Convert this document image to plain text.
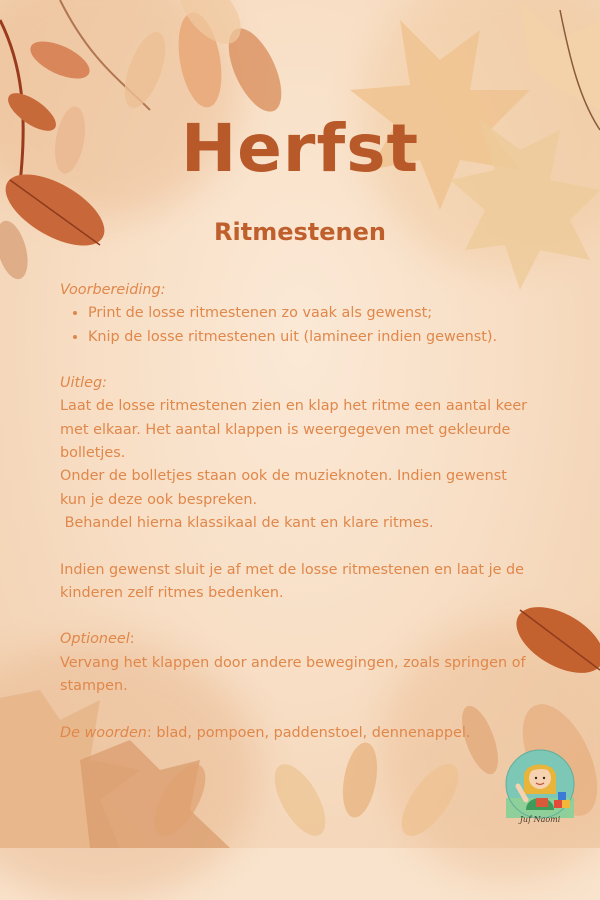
Herfst
Ritmestenen

Voorbereiding:

• Print de losse ritmestenen zo vaak als gewenst;
• Knip de losse ritmestenen uit (lamineer indien gewenst).

Uitleg:

Laat de losse ritmestenen zien en klap het ritme een aantal keer

met elkaar. Het aantal klappen is weergegeven met gekleurde

bolletjes.

Onder de bolletjes staan ook de muzieknoten. Indien gewenst

kun je deze ook bespreken.

Behandel hierna klassikaal de kant en klare ritmes.

Indien gewenst sluit je af met de losse ritmestenen en laat je de

kinderen zelf ritmes bedenken.

Optioneel:

Vervang het klappen door andere bewegingen, zoals springen of

stampen.

De woorden: blad, pompoen, paddenstoel, dennenappel.

Juf Naomi
